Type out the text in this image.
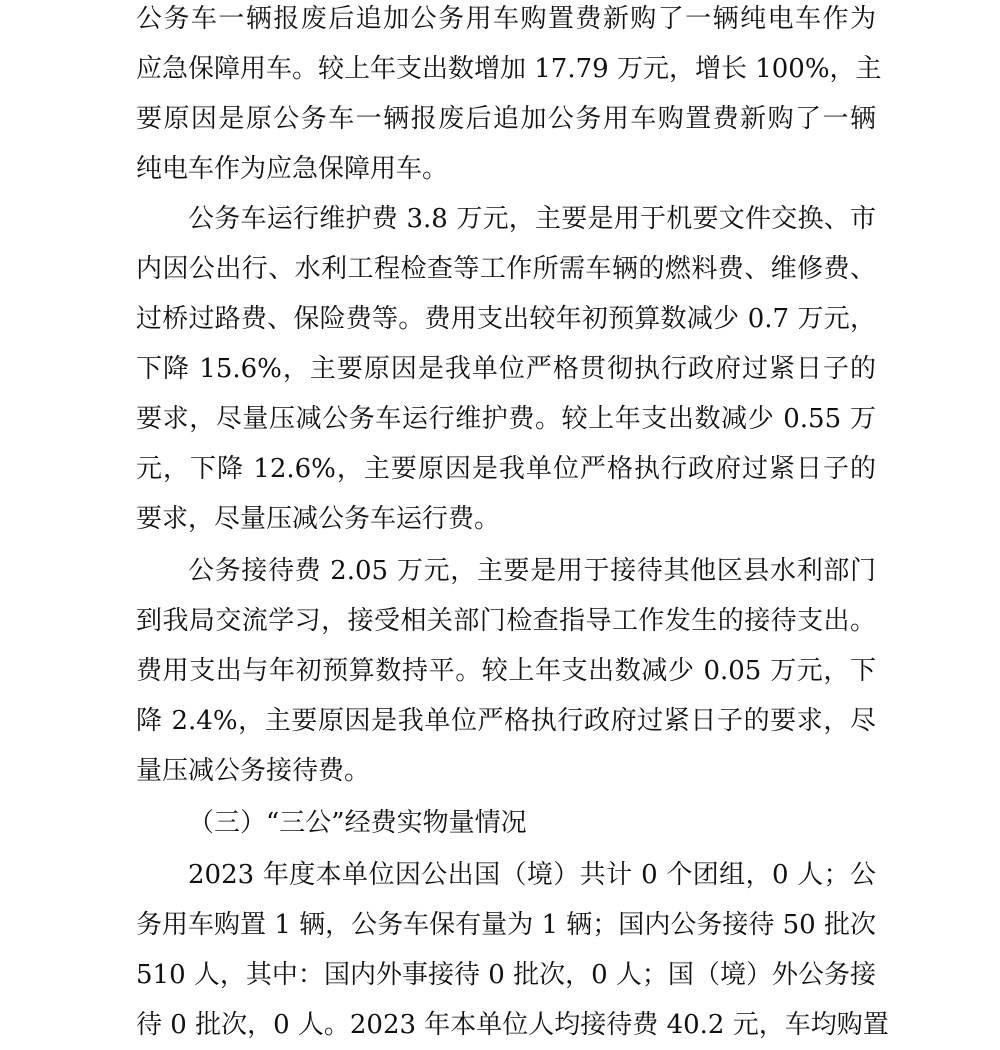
公务车一辆报废后追加公务用车购置费新购了一辆纯电车作为
应急保障用车。较上年支出数增加 17.79 万元，增长 100%，主
要原因是原公务车一辆报废后追加公务用车购置费新购了一辆
纯电车作为应急保障用车。
公务车运行维护费 3.8 万元，主要是用于机要文件交换、市
内因公出行、水利工程检查等工作所需车辆的燃料费、维修费、
过桥过路费、保险费等。费用支出较年初预算数减少 0.7 万元，
下降 15.6%，主要原因是我单位严格贯彻执行政府过紧日子的
要求，尽量压减公务车运行维护费。较上年支出数减少 0.55 万
元，下降 12.6%，主要原因是我单位严格执行政府过紧日子的
要求，尽量压减公务车运行费。
公务接待费 2.05 万元，主要是用于接待其他区县水利部门
到我局交流学习，接受相关部门检查指导工作发生的接待支出。
费用支出与年初预算数持平。较上年支出数减少 0.05 万元，下
降 2.4%，主要原因是我单位严格执行政府过紧日子的要求，尽
量压减公务接待费。
（三）“三公”经费实物量情况
2023 年度本单位因公出国（境）共计 0 个团组，0 人；公
务用车购置 1 辆，公务车保有量为 1 辆；国内公务接待 50 批次
510 人，其中：国内外事接待 0 批次，0 人；国（境）外公务接
待 0 批次，0 人。2023 年本单位人均接待费 40.2 元，车均购置
